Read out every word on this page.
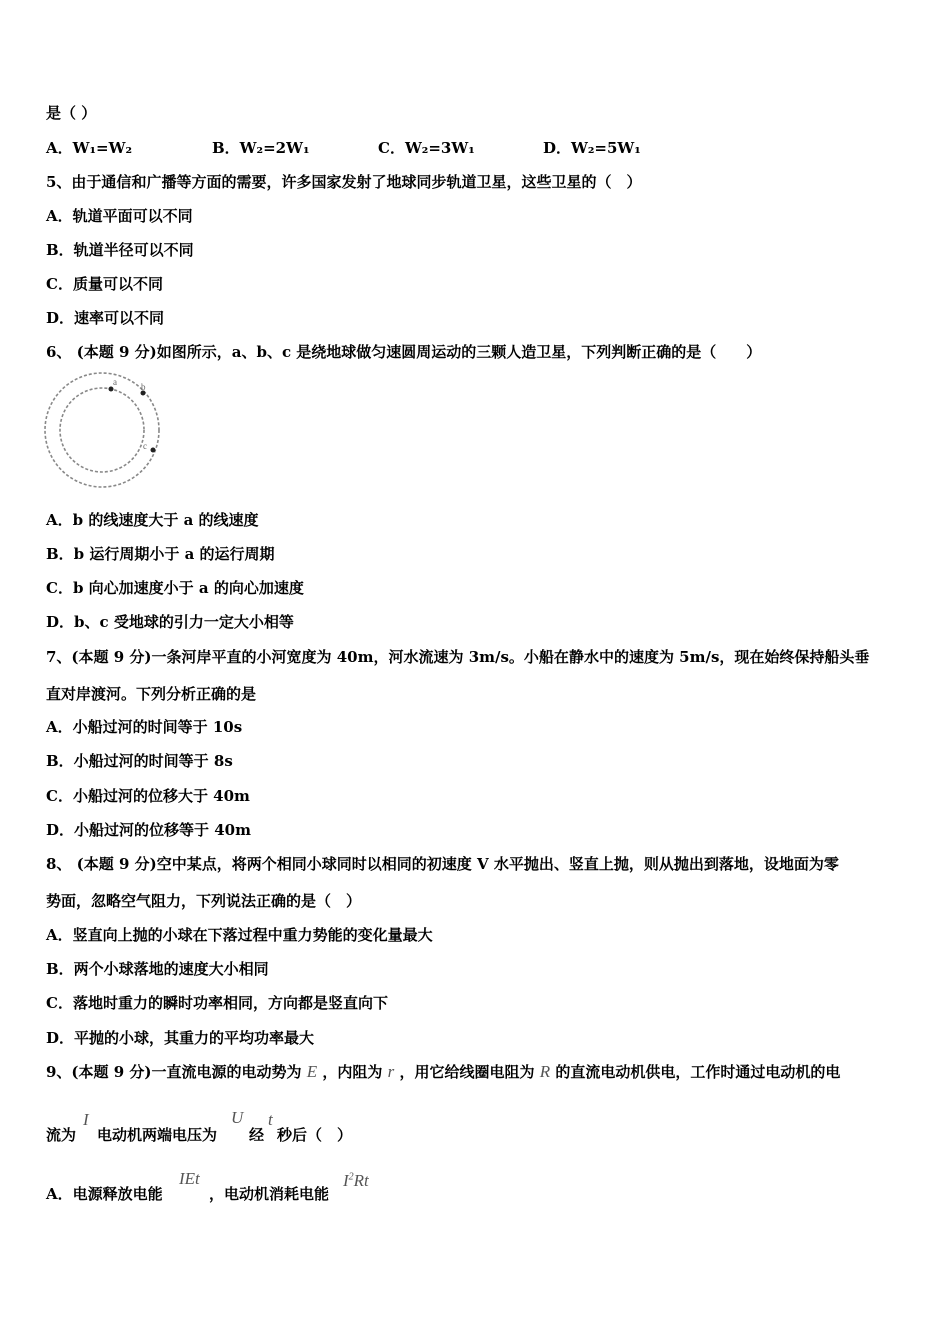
是（ ）
A．W₁=W₂	B．W₂=2W₁	C．W₂=3W₁	D．W₂=5W₁
5、由于通信和广播等方面的需要，许多国家发射了地球同步轨道卫星，这些卫星的（　）
A．轨道平面可以不同
B．轨道半径可以不同
C．质量可以不同
D．速率可以不同
6、 (本题 9 分)如图所示，a、b、c 是绕地球做匀速圆周运动的三颗人造卫星，下列判断正确的是（　　）
a	b
c
A．b 的线速度大于 a 的线速度
B．b 运行周期小于 a 的运行周期
C．b 向心加速度小于 a 的向心加速度
D．b、c 受地球的引力一定大小相等
7、(本题 9 分)一条河岸平直的小河宽度为 40m，河水流速为 3m/s。小船在静水中的速度为 5m/s，现在始终保持船头垂
直对岸渡河。下列分析正确的是
A．小船过河的时间等于 10s
B．小船过河的时间等于 8s
C．小船过河的位移大于 40m
D．小船过河的位移等于 40m
8、 (本题 9 分)空中某点，将两个相同小球同时以相同的初速度 V 水平抛出、竖直上抛，则从抛出到落地，设地面为零
势面，忽略空气阻力，下列说法正确的是（　）
A．竖直向上抛的小球在下落过程中重力势能的变化量最大
B．两个小球落地的速度大小相同
C．落地时重力的瞬时功率相同，方向都是竖直向下
D．平抛的小球，其重力的平均功率最大
9、(本题 9 分)一直流电源的电动势为 E ，内阻为 r ，用它给线圈电阻为 R 的直流电动机供电，工作时通过电动机的电
流为
I
电动机两端电压为
U
经
t
秒后（　）
A．电源释放电能
IEt
，电动机消耗电能
$I^2Rt$
